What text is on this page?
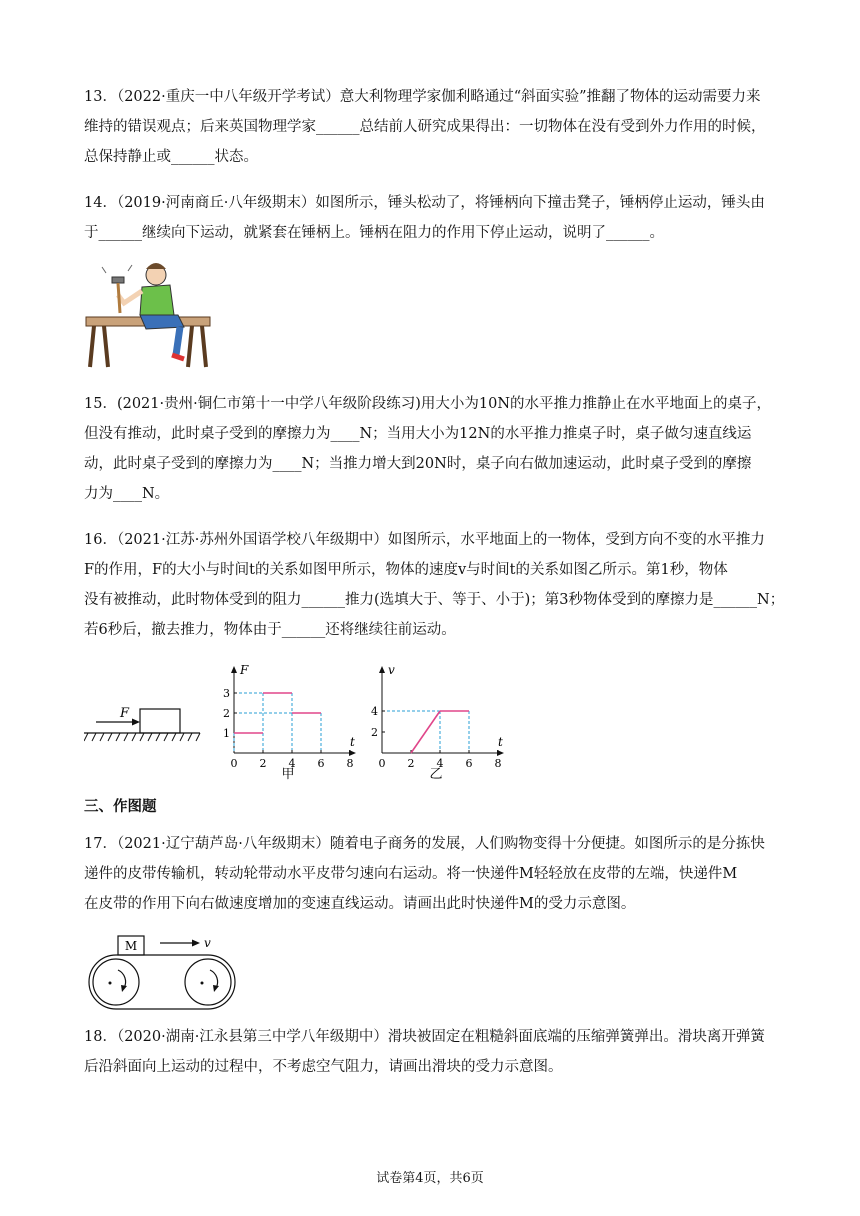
13．（2022·重庆一中八年级开学考试）意大利物理学家伽利略通过“斜面实验”推翻了物体的运动需要力来
维持的错误观点；后来英国物理学家______总结前人研究成果得出：一切物体在没有受到外力作用的时候，
总保持静止或______状态。
14．（2019·河南商丘·八年级期末）如图所示，锤头松动了，将锤柄向下撞击凳子，锤柄停止运动，锤头由
于______继续向下运动，就紧套在锤柄上。锤柄在阻力的作用下停止运动，说明了______。
15．(2021·贵州·铜仁市第十一中学八年级阶段练习)用大小为10N的水平推力推静止在水平地面上的桌子，
但没有推动，此时桌子受到的摩擦力为____N；当用大小为12N的水平推力推桌子时，桌子做匀速直线运
动，此时桌子受到的摩擦力为____N；当推力增大到20N时，桌子向右做加速运动，此时桌子受到的摩擦
力为____N。
16．（2021·江苏·苏州外国语学校八年级期中）如图所示，水平地面上的一物体，受到方向不变的水平推力
F的作用，F的大小与时间t的关系如图甲所示，物体的速度v与时间t的关系如图乙所示。第1秒，物体
没有被推动，此时物体受到的阻力______推力(选填大于、等于、小于)；第3秒物体受到的摩擦力是______N；
若6秒后，撤去推力，物体由于______还将继续往前运动。
F
F
t
0 2 4 6 8
1
2
3
甲
v
t
0 2 4 6 8
2
4
乙
三、作图题
17．（2021·辽宁葫芦岛·八年级期末）随着电子商务的发展，人们购物变得十分便捷。如图所示的是分拣快
递件的皮带传输机，转动轮带动水平皮带匀速向右运动。将一快递件M轻轻放在皮带的左端，快递件M
在皮带的作用下向右做速度增加的变速直线运动。请画出此时快递件M的受力示意图。
M	v
18．（2020·湖南·江永县第三中学八年级期中）滑块被固定在粗糙斜面底端的压缩弹簧弹出。滑块离开弹簧
后沿斜面向上运动的过程中，不考虑空气阻力，请画出滑块的受力示意图。
试卷第4页，共6页
